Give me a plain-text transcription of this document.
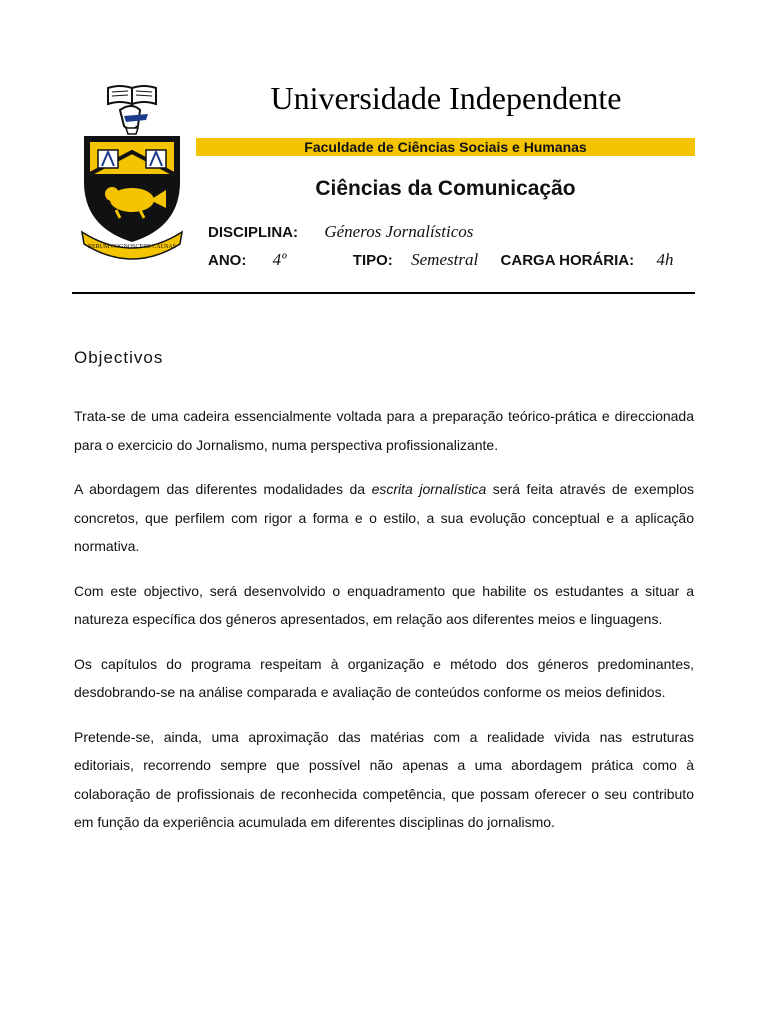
RERUM COGNOSCERE CAUSAS
Universidade Independente
Faculdade de Ciências Sociais e Humanas
Ciências da Comunicação
DISCIPLINA: Géneros Jornalísticos
ANO: 4º	TIPO: Semestral CARGA HORÁRIA: 4h
Objectivos

Trata-se de uma cadeira essencialmente voltada para a preparação teórico-prática e direccionada para o exercicio do Jornalismo, numa perspectiva profissionalizante.

A abordagem das diferentes modalidades da escrita jornalística será feita através de exemplos concretos, que perfilem com rigor a forma e o estilo, a sua evolução conceptual e a aplicação normativa.

Com este objectivo, será desenvolvido o enquadramento que habilite os estudantes a situar a natureza específica dos géneros apresentados, em relação aos diferentes meios e linguagens.

Os capítulos do programa respeitam à organização e método dos géneros predominantes, desdobrando-se na análise comparada e avaliação de conteúdos conforme os meios definidos.

Pretende-se, ainda, uma aproximação das matérias com a realidade vivida nas estruturas editoriais, recorrendo sempre que possível não apenas a uma abordagem prática como à colaboração de profissionais de reconhecida competência, que possam oferecer o seu contributo em função da experiência acumulada em diferentes disciplinas do jornalismo.
